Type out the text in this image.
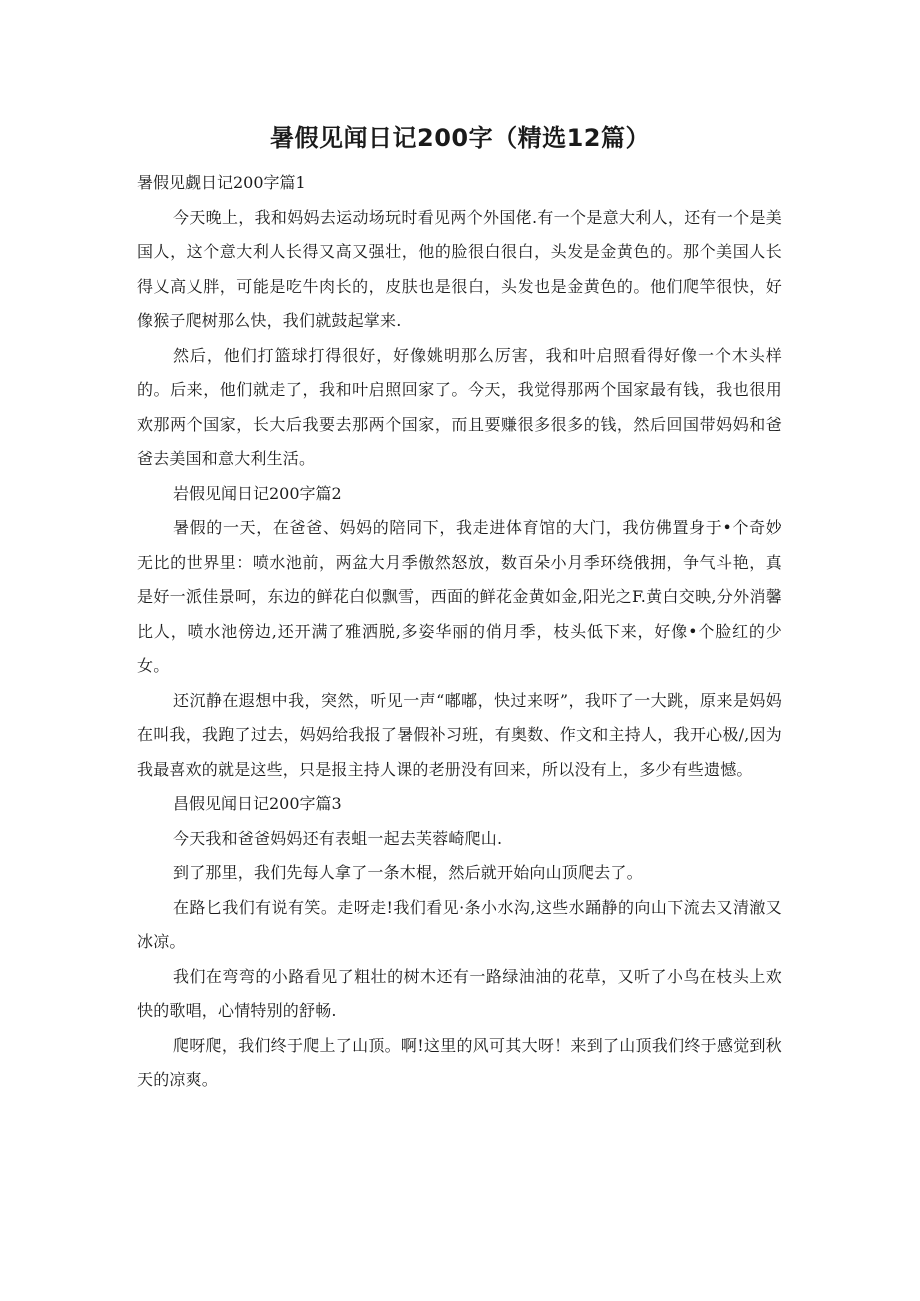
暑假见闻日记200字（精选12篇）

暑假见觑日记200字篇1

今天晚上，我和妈妈去运动场玩时看见两个外国佬.有一个是意大利人，还有一个是美国人，这个意大利人长得又高又强壮，他的脸很白很白，头发是金黄色的。那个美国人长得乂高乂胖，可能是吃牛肉长的，皮肤也是很白，头发也是金黄色的。他们爬竿很快，好像猴子爬树那么快，我们就鼓起掌来.

然后，他们打篮球打得很好，好像姚明那么厉害，我和叶启照看得好像一个木头样的。后来，他们就走了，我和叶启照回家了。今天，我觉得那两个国家最有钱，我也很用欢那两个国家，长大后我要去那两个国家，而且要赚很多很多的钱，然后回国带妈妈和爸爸去美国和意大利生活。

岩假见闻日记200字篇2

暑假的一天，在爸爸、妈妈的陪同下，我走进体育馆的大门，我仿佛置身于•个奇妙无比的世界里：喷水池前，两盆大月季傲然怒放，数百朵小月季环绕俄拥，争气斗艳，真是好一派佳景呵，东边的鲜花白似飘雪，西面的鲜花金黄如金,阳光之F.黄白交映,分外消馨比人，喷水池傍边,还开满了雅洒脱,多姿华丽的俏月季，枝头低下来，好像•个脸红的少女。

还沉静在遐想中我，突然，听见一声“嘟嘟，快过来呀”，我吓了一大跳，原来是妈妈在叫我，我跑了过去，妈妈给我报了暑假补习班，有奥数、作文和主持人，我开心极/,因为我最喜欢的就是这些，只是报主持人课的老册没有回来，所以没有上，多少有些遗憾。

昌假见闻日记200字篇3

今天我和爸爸妈妈还有表蛆一起去芙蓉崎爬山.

到了那里，我们先每人拿了一条木棍，然后就开始向山顶爬去了。

在路匕我们有说有笑。走呀走!我们看见·条小水沟,这些水踊静的向山下流去又清澈又冰凉。

我们在弯弯的小路看见了粗壮的树木还有一路绿油油的花草，又听了小鸟在枝头上欢快的歌唱，心情特别的舒畅.

爬呀爬，我们终于爬上了山顶。啊!这里的风可其大呀！来到了山顶我们终于感觉到秋天的凉爽。
